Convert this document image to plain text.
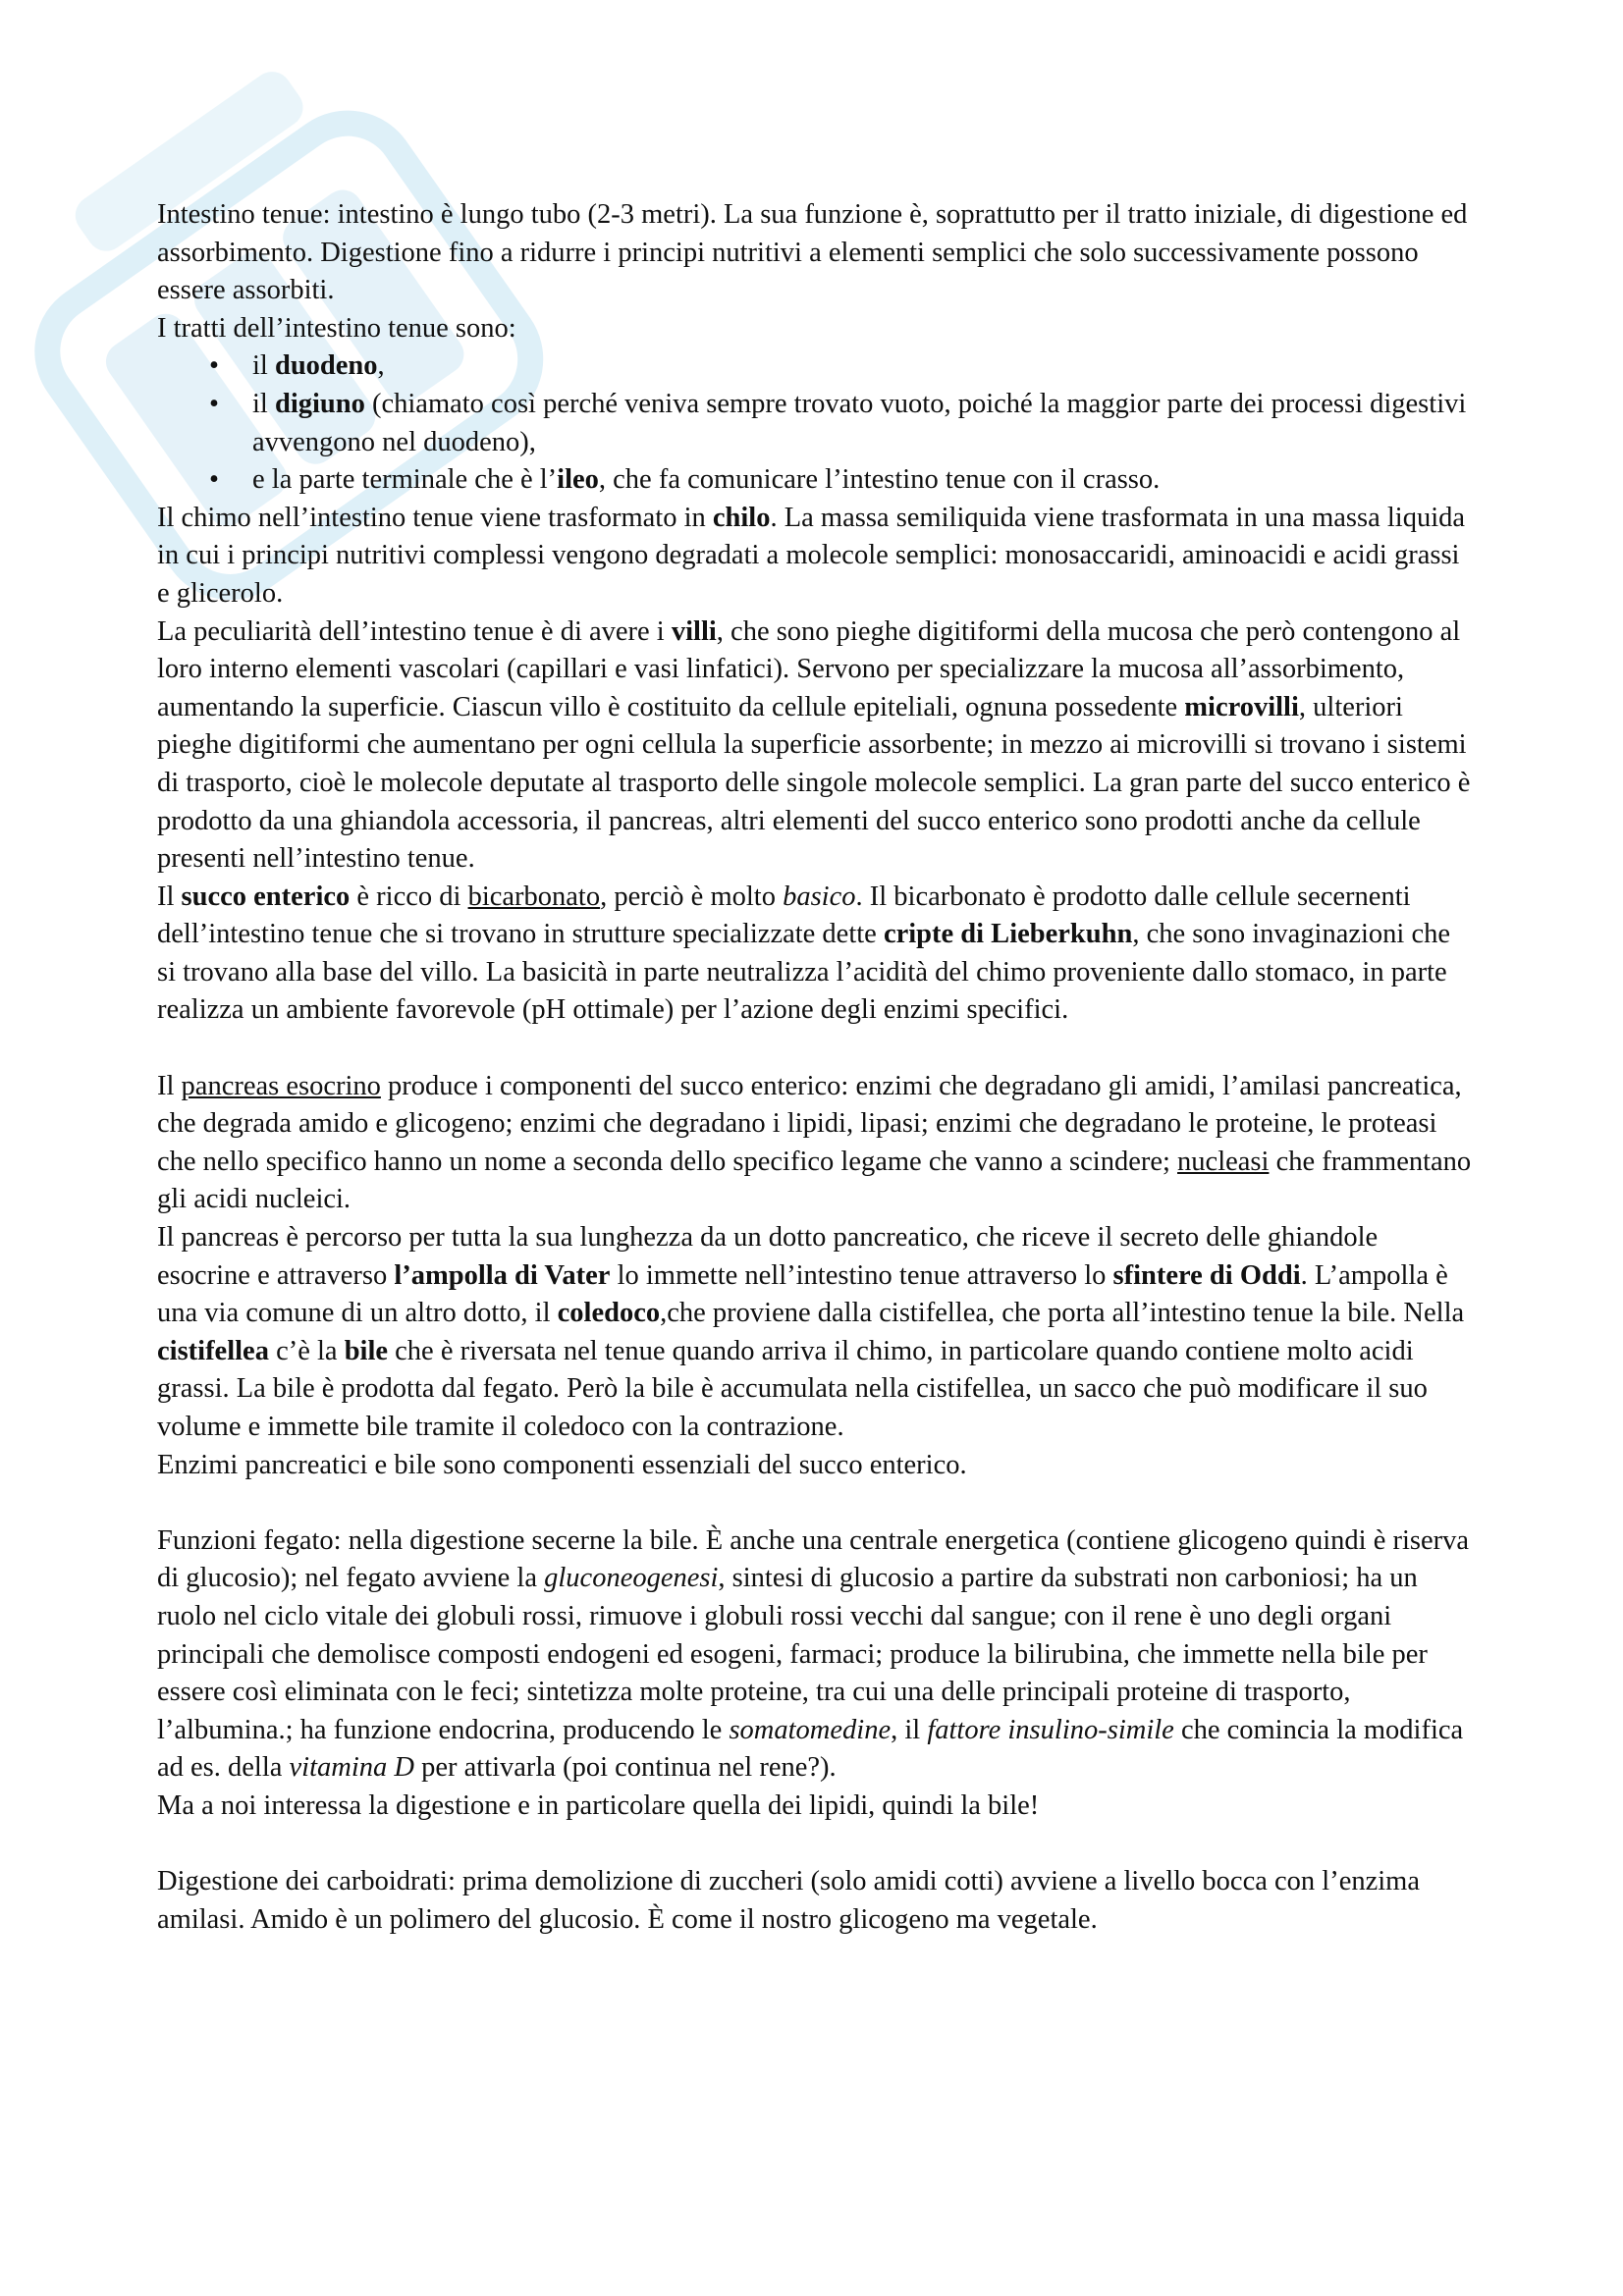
Intestino tenue: intestino è lungo tubo (2-3 metri). La sua funzione è, soprattutto per il tratto iniziale, di digestione ed assorbimento. Digestione fino a ridurre i principi nutritivi a elementi semplici che solo successivamente possono essere assorbiti.

I tratti dell’intestino tenue sono:

• il duodeno,
• il digiuno (chiamato così perché veniva sempre trovato vuoto, poiché la maggior parte dei processi digestivi avvengono nel duodeno),
• e la parte terminale che è l’ileo, che fa comunicare l’intestino tenue con il crasso.

Il chimo nell’intestino tenue viene trasformato in chilo. La massa semiliquida viene trasformata in una massa liquida in cui i principi nutritivi complessi vengono degradati a molecole semplici: monosaccaridi, aminoacidi e acidi grassi e glicerolo.

La peculiarità dell’intestino tenue è di avere i villi, che sono pieghe digitiformi della mucosa che però contengono al loro interno elementi vascolari (capillari e vasi linfatici). Servono per specializzare la mucosa all’assorbimento, aumentando la superficie. Ciascun villo è costituito da cellule epiteliali, ognuna possedente microvilli, ulteriori pieghe digitiformi che aumentano per ogni cellula la superficie assorbente; in mezzo ai microvilli si trovano i sistemi di trasporto, cioè le molecole deputate al trasporto delle singole molecole semplici. La gran parte del succo enterico è prodotto da una ghiandola accessoria, il pancreas, altri elementi del succo enterico sono prodotti anche da cellule presenti nell’intestino tenue.

Il succo enterico è ricco di bicarbonato, perciò è molto basico. Il bicarbonato è prodotto dalle cellule secernenti dell’intestino tenue che si trovano in strutture specializzate dette cripte di Lieberkuhn, che sono invaginazioni che si trovano alla base del villo. La basicità in parte neutralizza l’acidità del chimo proveniente dallo stomaco, in parte realizza un ambiente favorevole (pH ottimale) per l’azione degli enzimi specifici.

Il pancreas esocrino produce i componenti del succo enterico: enzimi che degradano gli amidi, l’amilasi pancreatica, che degrada amido e glicogeno; enzimi che degradano i lipidi, lipasi; enzimi che degradano le proteine, le proteasi che nello specifico hanno un nome a seconda dello specifico legame che vanno a scindere; nucleasi che frammentano gli acidi nucleici.

Il pancreas è percorso per tutta la sua lunghezza da un dotto pancreatico, che riceve il secreto delle ghiandole esocrine e attraverso l’ampolla di Vater lo immette nell’intestino tenue attraverso lo sfintere di Oddi. L’ampolla è una via comune di un altro dotto, il coledoco,che proviene dalla cistifellea, che porta all’intestino tenue la bile. Nella cistifellea c’è la bile che è riversata nel tenue quando arriva il chimo, in particolare quando contiene molto acidi grassi. La bile è prodotta dal fegato. Però la bile è accumulata nella cistifellea, un sacco che può modificare il suo volume e immette bile tramite il coledoco con la contrazione.

Enzimi pancreatici e bile sono componenti essenziali del succo enterico.

Funzioni fegato: nella digestione secerne la bile. È anche una centrale energetica (contiene glicogeno quindi è riserva di glucosio); nel fegato avviene la gluconeogenesi, sintesi di glucosio a partire da substrati non carboniosi; ha un ruolo nel ciclo vitale dei globuli rossi, rimuove i globuli rossi vecchi dal sangue; con il rene è uno degli organi principali che demolisce composti endogeni ed esogeni, farmaci; produce la bilirubina, che immette nella bile per essere così eliminata con le feci; sintetizza molte proteine, tra cui una delle principali proteine di trasporto, l’albumina.; ha funzione endocrina, producendo le somatomedine, il fattore insulino-simile che comincia la modifica ad es. della vitamina D per attivarla (poi continua nel rene?).

Ma a noi interessa la digestione e in particolare quella dei lipidi, quindi la bile!

Digestione dei carboidrati: prima demolizione di zuccheri (solo amidi cotti) avviene a livello bocca con l’enzima amilasi. Amido è un polimero del glucosio. È come il nostro glicogeno ma vegetale.
